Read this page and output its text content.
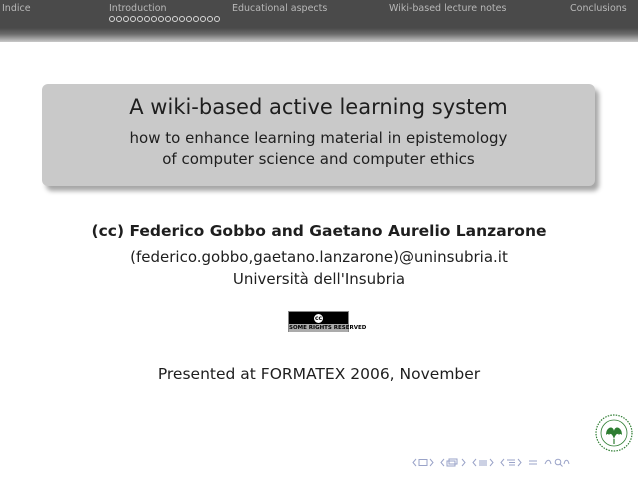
Indice	Introduction	Educational aspects	Wiki-based lecture notes	Conclusions
A wiki-based active learning system
how to enhance learning material in epistemology
of computer science and computer ethics
(cc) Federico Gobbo and Gaetano Aurelio Lanzarone
(federico.gobbo,gaetano.lanzarone)@uninsubria.it
Università dell'Insubria
cc
SOME RIGHTS RESERVED
Presented at FORMATEX 2006, November
